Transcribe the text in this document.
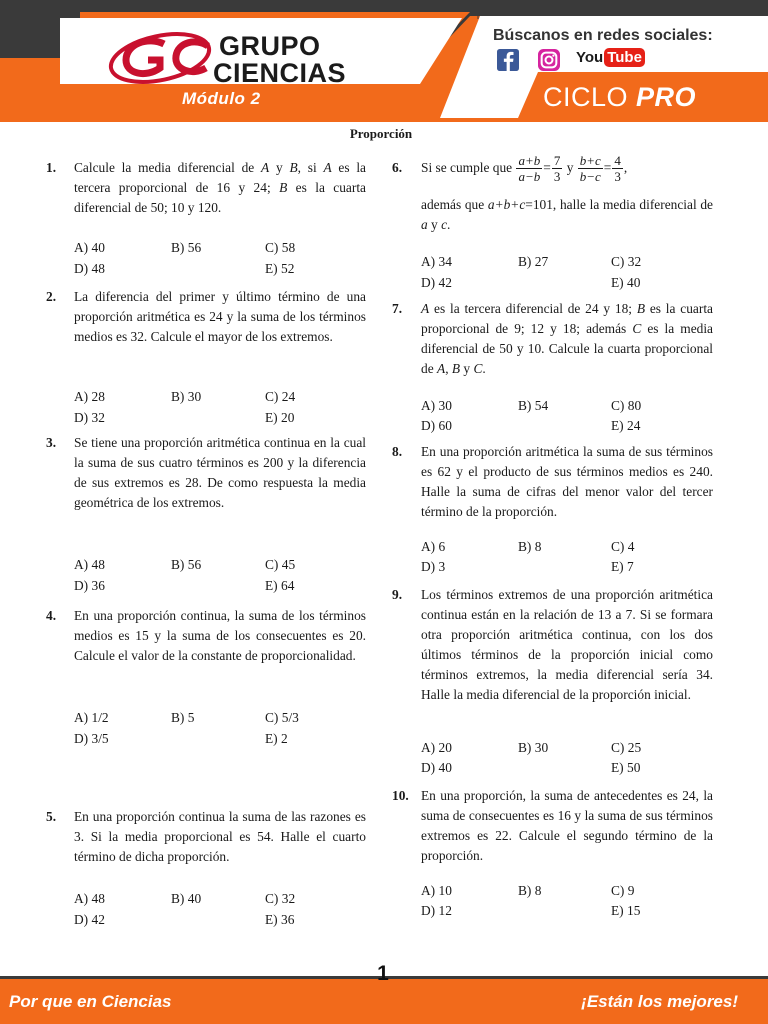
GRUPO
CIENCIAS
Módulo 2
Búscanos en redes sociales:
You Tube
CICLO PRO
Proporción
1. Calcule la media diferencial de A y B, si A es la tercera proporcional de 16 y 24; B es la cuarta diferencial de 50; 10 y 120.
A) 40	B) 56	C) 58
D) 48	E) 52
2. La diferencia del primer y último término de una proporción aritmética es 24 y la suma de los términos medios es 32. Calcule el mayor de los extremos.
A) 28	B) 30	C) 24
D) 32	E) 20
3. Se tiene una proporción aritmética continua en la cual la suma de sus cuatro términos es 200 y la diferencia de sus extremos es 28. De como respuesta la media geométrica de los extremos.
A) 48	B) 56	C) 45
D) 36	E) 64
4. En una proporción continua, la suma de los términos medios es 15 y la suma de los consecuentes es 20. Calcule el valor de la constante de proporcionalidad.
A) 1/2	B) 5	C) 5/3
D) 3/5	E) 2
5. En una proporción continua la suma de las razones es 3. Si la media proporcional es 54. Halle el cuarto término de dicha proporción.
A) 48	B) 40	C) 32
D) 42	E) 36
6. Si se cumple que $\frac{a+b}{a-b} = \frac{7}{3}$ y $\frac{b+c}{b-c} = \frac{4}{3}$ ,
además que a+b+c=101, halle la media diferencial de a y c.
A) 34	B) 27	C) 32
D) 42	E) 40
7. A es la tercera diferencial de 24 y 18; B es la cuarta proporcional de 9; 12 y 18; además C es la media diferencial de 50 y 10. Calcule la cuarta proporcional de A, B y C.
A) 30	B) 54	C) 80
D) 60	E) 24
8. En una proporción aritmética la suma de sus términos es 62 y el producto de sus términos medios es 240. Halle la suma de cifras del menor valor del tercer término de la proporción.
A) 6	B) 8	C) 4
D) 3	E) 7
9. Los términos extremos de una proporción aritmética continua están en la relación de 13 a 7. Si se formara otra proporción aritmética continua, con los dos últimos términos de la proporción inicial como términos extremos, la media diferencial sería 34. Halle la media diferencial de la proporción inicial.
A) 20	B) 30	C) 25
D) 40	E) 50
10. En una proporción, la suma de antecedentes es 24, la suma de consecuentes es 16 y la suma de sus términos extremos es 22. Calcule el segundo término de la proporción.
A) 10	B) 8	C) 9
D) 12	E) 15
1
Por que en Ciencias	¡Están los mejores!
